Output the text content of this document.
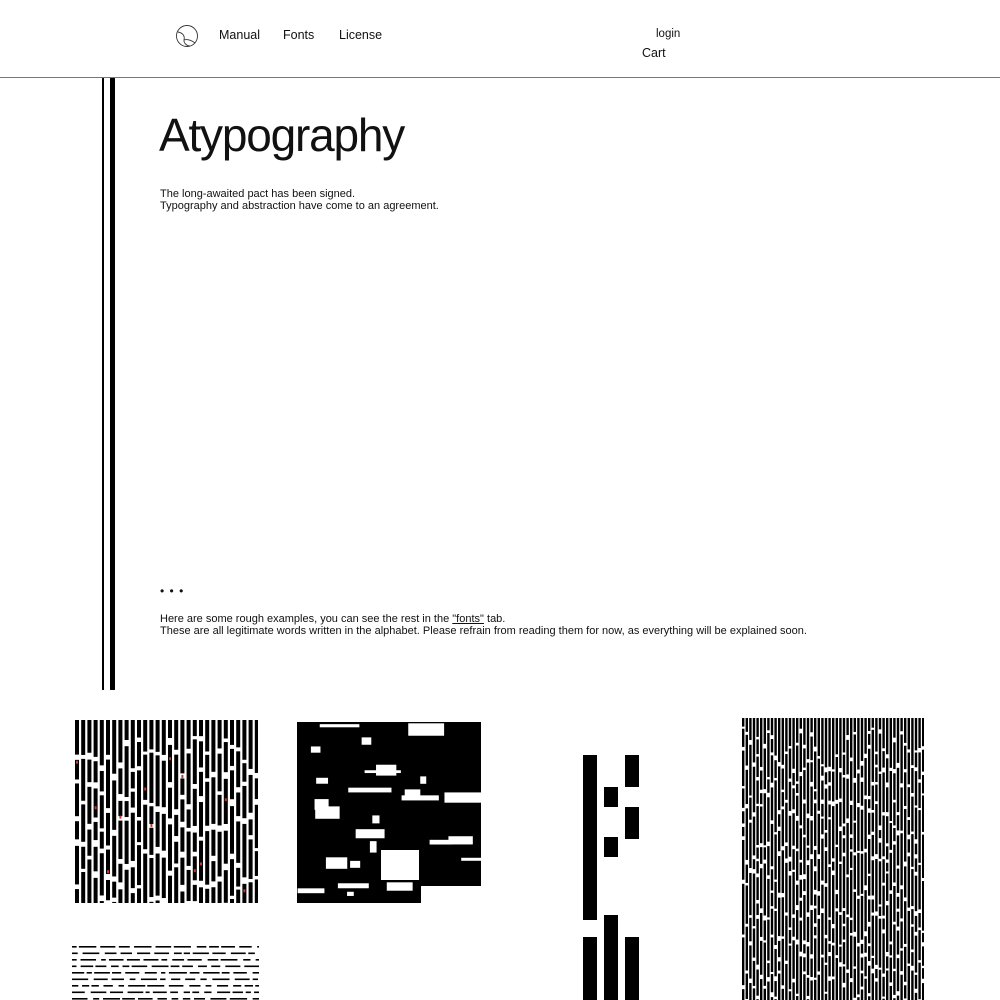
Manual Fonts License	login
Cart
Atypography
The long-awaited pact has been signed.
Typography and abstraction have come to an agreement.
• • •
Here are some rough examples, you can see the rest in the "fonts" tab.
These are all legitimate words written in the alphabet. Please refrain from reading them for now, as everything will be explained soon.
